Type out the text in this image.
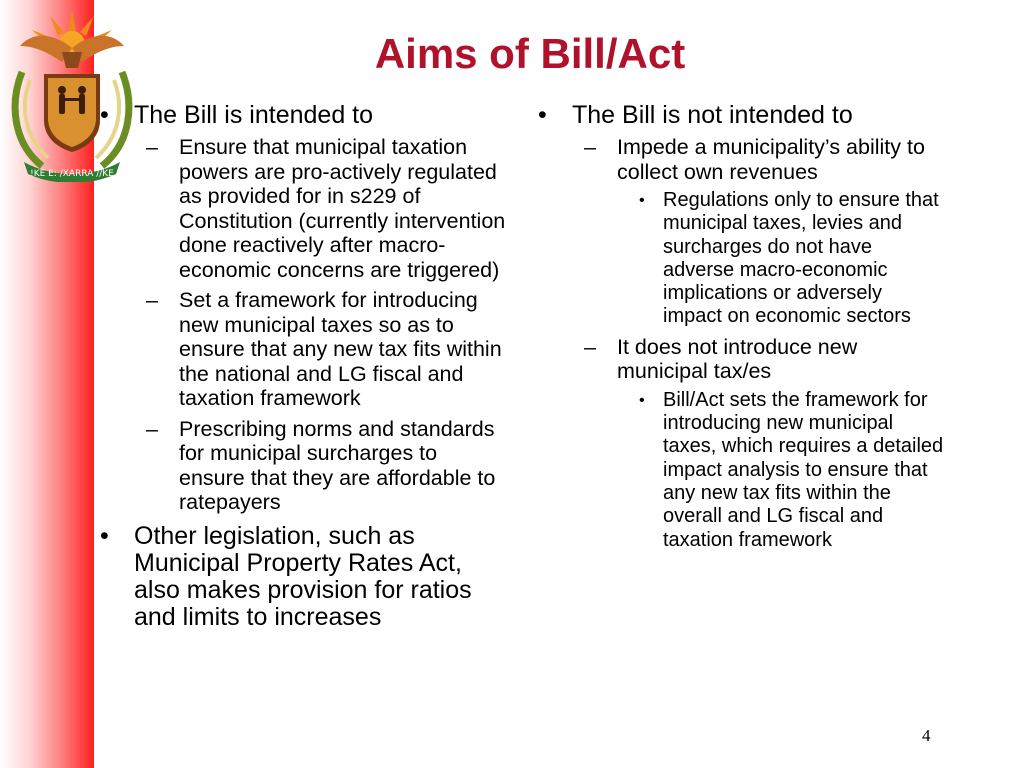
!KE E: /XARRA //KE
Aims of Bill/Act
• The Bill is intended to
– Ensure that municipal taxation powers are pro-actively regulated as provided for in s229 of Constitution (currently intervention done reactively after macro-economic concerns are triggered)
– Set a framework for introducing new municipal taxes so as to ensure that any new tax fits within the national and LG fiscal and taxation framework
– Prescribing norms and standards for municipal surcharges to ensure that they are affordable to ratepayers
• Other legislation, such as Municipal Property Rates Act, also makes provision for ratios and limits to increases
• The Bill is not intended to
– Impede a municipality’s ability to collect own revenues
• Regulations only to ensure that municipal taxes, levies and surcharges do not have adverse macro-economic implications or adversely impact on economic sectors
– It does not introduce new municipal tax/es
• Bill/Act sets the framework for introducing new municipal taxes, which requires a detailed impact analysis to ensure that any new tax fits within the overall and LG fiscal and taxation framework
4
